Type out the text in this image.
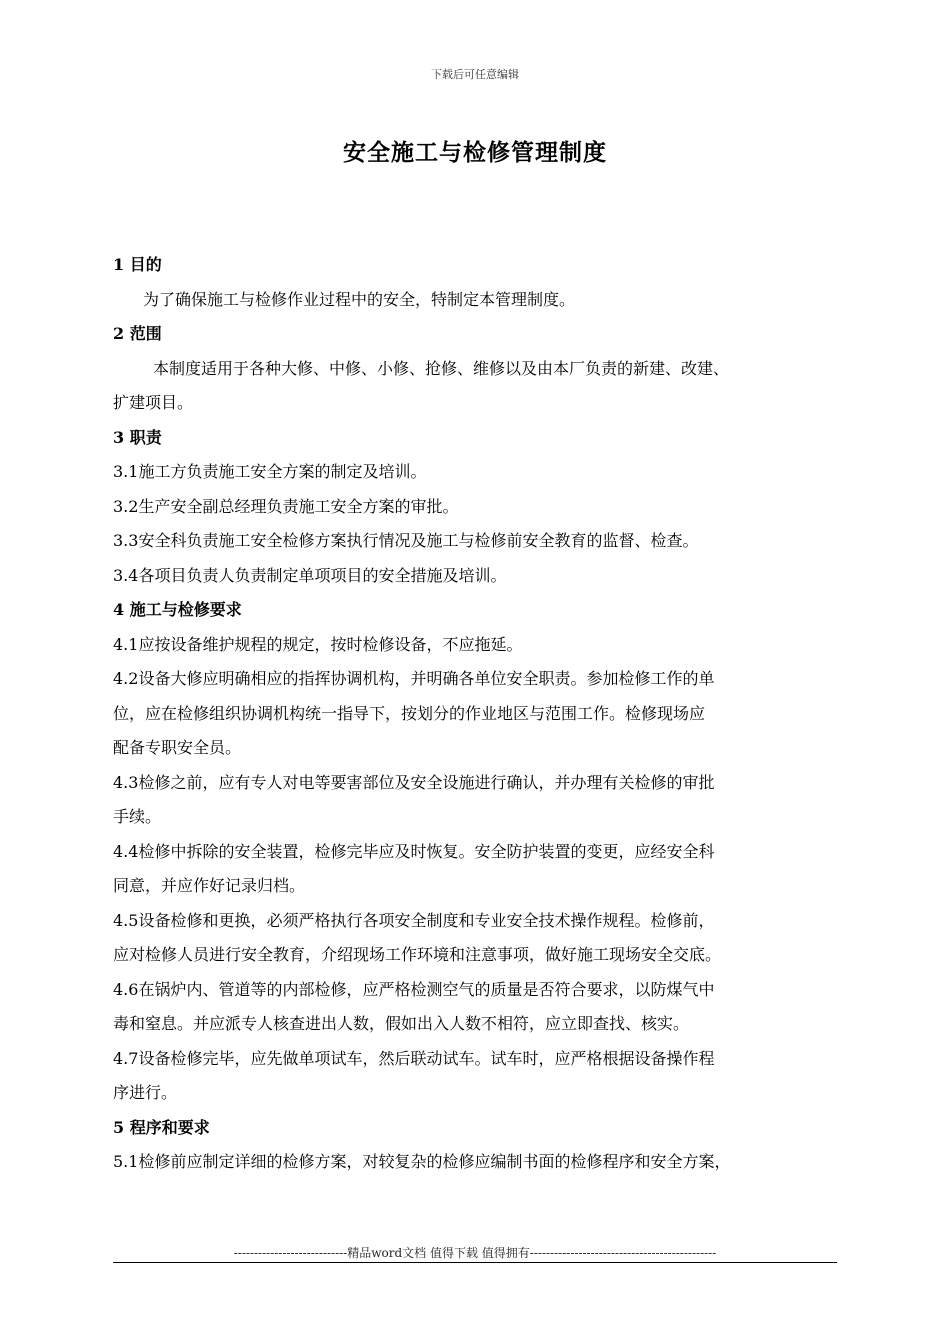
下载后可任意编辑
安全施工与检修管理制度
1 目的
为了确保施工与检修作业过程中的安全，特制定本管理制度。
2 范围
本制度适用于各种大修、中修、小修、抢修、维修以及由本厂负责的新建、改建、
扩建项目。
3 职责
3.1施工方负责施工安全方案的制定及培训。
3.2生产安全副总经理负责施工安全方案的审批。
3.3安全科负责施工安全检修方案执行情况及施工与检修前安全教育的监督、检查。
3.4各项目负责人负责制定单项项目的安全措施及培训。
4 施工与检修要求
4.1应按设备维护规程的规定，按时检修设备，不应拖延。
4.2设备大修应明确相应的指挥协调机构，并明确各单位安全职责。参加检修工作的单
位，应在检修组织协调机构统一指导下，按划分的作业地区与范围工作。检修现场应
配备专职安全员。
4.3检修之前，应有专人对电等要害部位及安全设施进行确认，并办理有关检修的审批
手续。
4.4检修中拆除的安全装置，检修完毕应及时恢复。安全防护装置的变更，应经安全科
同意，并应作好记录归档。
4.5设备检修和更换，必须严格执行各项安全制度和专业安全技术操作规程。检修前，
应对检修人员进行安全教育，介绍现场工作环境和注意事项，做好施工现场安全交底。
4.6在锅炉内、管道等的内部检修，应严格检测空气的质量是否符合要求，以防煤气中
毒和窒息。并应派专人核查进出人数，假如出入人数不相符，应立即查找、核实。
4.7设备检修完毕，应先做单项试车，然后联动试车。试车时，应严格根据设备操作程
序进行。
5 程序和要求
5.1检修前应制定详细的检修方案，对较复杂的检修应编制书面的检修程序和安全方案，
----------------------------精品word文档 值得下载 值得拥有----------------------------------------------
